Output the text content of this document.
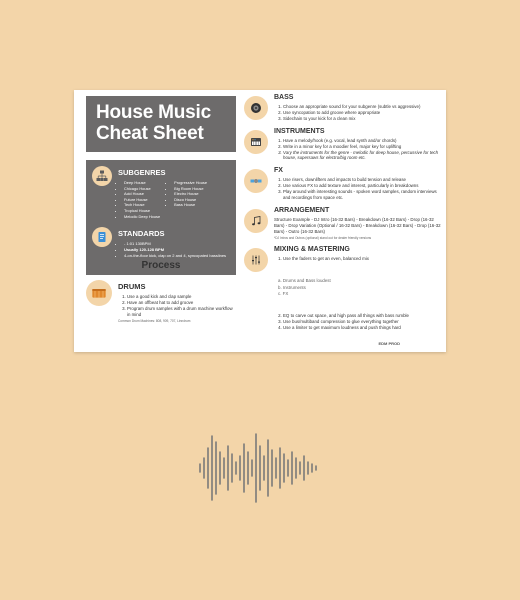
House Music
Cheat Sheet
SUBGENRES
• Deep House
• Chicago House
• Acid House
• Future House
• Tech House
• Tropical House
• Melodic Deep House
• Progressive House
• Big Room House
• Electro House
• Disco House
• Bass House
STANDARDS
• - 1:01 130BPM
• Usually 120-128 BPM
• 4-on-the-floor kick, clap on 2 and 4, syncopated basslines
Process
DRUMS
1. Use a good kick and clap sample
2. Have an offbeat hat to add groove
3. Program drum samples with a drum machine workflow in mind
Common Drum Machines: 808, 909, 707, Linndrum
BASS
1. Choose an appropriate sound for your subgenre (subtle vs aggressive)
2. Use syncopation to add groove where appropriate
3. Sidechain to your kick for a clean mix
INSTRUMENTS
1. Have a melody/hook (e.g. vocal, lead synth and/or chords)
2. Write in a minor key for a moodier feel, major key for uplifting
3. Vary the instruments for the genre - melodic for deep house, percussive for tech house, supersaws for electro/big room etc.
FX
1. Use risers, downlifters and impacts to build tension and release
2. Use various FX to add texture and interest, particularly in breakdowns
3. Play around with interesting sounds - spoken word samples, random interviews and recordings from space etc.
ARRANGEMENT

Structure Example - DJ Intro (16-32 Bars) - Breakdown (16-32 Bars) - Drop (16-32 Bars) - Drop Variation (Optional / 16-32 Bars) - Breakdown (16-32 Bars) - Drop (16-32 Bars) - Outro (16-32 Bars)

*DJ Intros and Outros (optional) stand out for dealer friendly versions
MIXING & MASTERING
1. Use the faders to get an even, balanced mix
a. Drums and Bass loudest
b. Instruments
c. FX
2. EQ to carve out space, and high pass all things with bass rumble
3. Use bus/multiband compression to glue everything together
4. Use a limiter to get maximum loudness and push things hard
EDM PROD
